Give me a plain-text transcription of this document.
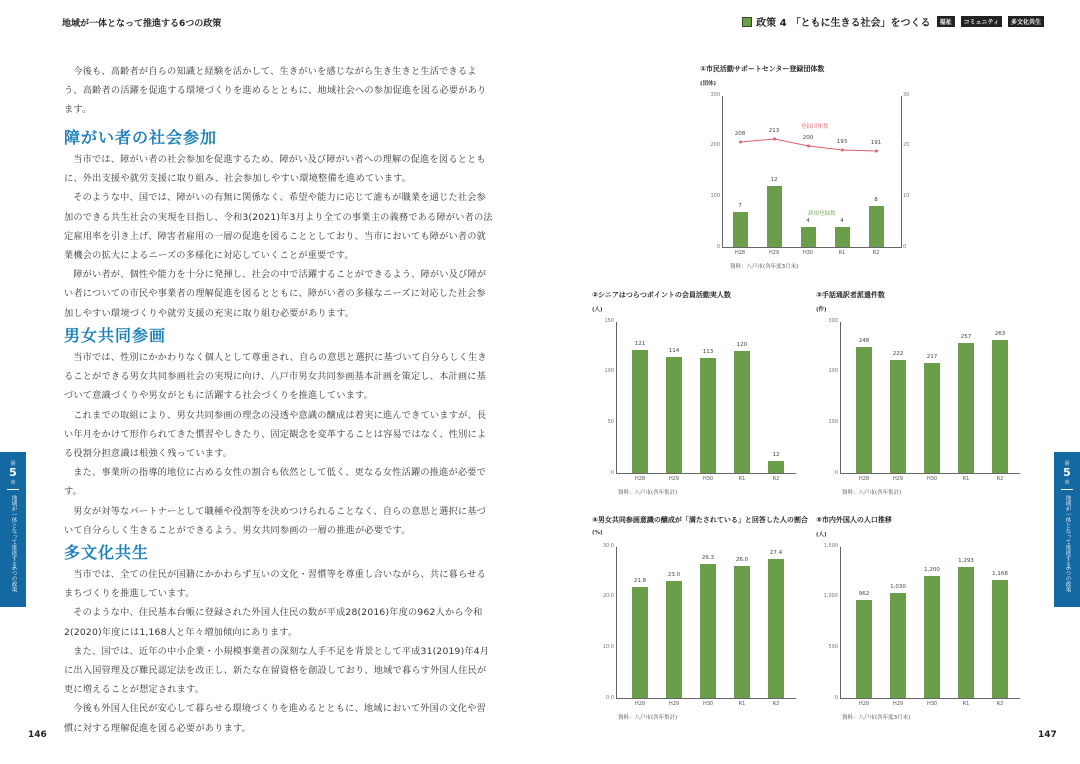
地域が一体となって推進する6つの政策

今後も、高齢者が自らの知識と経験を活かして、生きがいを感じながら生き生きと生活できるよう、高齢者の活躍を促進する環境づくりを進めるとともに、地域社会への参加促進を図る必要があります。

障がい者の社会参加

当市では、障がい者の社会参加を促進するため、障がい及び障がい者への理解の促進を図るとともに、外出支援や就労支援に取り組み、社会参加しやすい環境整備を進めています。

そのような中、国では、障がいの有無に関係なく、希望や能力に応じて誰もが職業を通じた社会参加のできる共生社会の実現を目指し、令和3(2021)年3月より全ての事業主の義務である障がい者の法定雇用率を引き上げ、障害者雇用の一層の促進を図ることとしており、当市においても障がい者の就業機会の拡大によるニーズの多様化に対応していくことが重要です。

障がい者が、個性や能力を十分に発揮し、社会の中で活躍することができるよう、障がい及び障がい者についての市民や事業者の理解促進を図るとともに、障がい者の多様なニーズに対応した社会参加しやすい環境づくりや就労支援の充実に取り組む必要があります。

男女共同参画

当市では、性別にかかわりなく個人として尊重され、自らの意思と選択に基づいて自分らしく生きることができる男女共同参画社会の実現に向け、八戸市男女共同参画基本計画を策定し、本計画に基づいて意識づくりや男女がともに活躍する社会づくりを推進しています。

これまでの取組により、男女共同参画の理念の浸透や意識の醸成は着実に進んできていますが、長い年月をかけて形作られてきた慣習やしきたり、固定観念を変革することは容易ではなく、性別による役割分担意識は根強く残っています。

また、事業所の指導的地位に占める女性の割合も依然として低く、更なる女性活躍の推進が必要です。

男女が対等なパートナーとして職種や役割等を決めつけられることなく、自らの意思と選択に基づいて自分らしく生きることができるよう、男女共同参画の一層の推進が必要です。

多文化共生

当市では、全ての住民が国籍にかかわらず互いの文化・習慣等を尊重し合いながら、共に暮らせるまちづくりを推進しています。

そのような中、住民基本台帳に登録された外国人住民の数が平成28(2016)年度の962人から令和2(2020)年度には1,168人と年々増加傾向にあります。

また、国では、近年の中小企業・小規模事業者の深刻な人手不足を背景として平成31(2019)年4月に出入国管理及び難民認定法を改正し、新たな在留資格を創設しており、地域で暮らす外国人住民が更に増えることが想定されます。

今後も外国人住民が安心して暮らせる環境づくりを進めるとともに、地域において外国の文化や習慣に対する理解促進を図る必要があります。

146
第
5
章
地域が一体となって推進する6つの政策
政策 4 「ともに生きる社会」をつくる	福祉	コミュニティ	多文化共生
①市民活動サポートセンター登録団体数
(団体)
0
100
200
300
0
10
20
30
7
12
4	4
8
208	213
200
193	191
登録団体数
新規登録数
H28	H29	H30	R1	R2
資料：八戸市(各年度3月末)
②シニアはつらつポイントの会員活動実人数
(人)
0
50
100
150
121
114	113
120
12
H28	H29	H30	R1	R2
資料：八戸市(各年集計)
③手話通訳者派遣件数
(件)
0
100
200
300
248
222	217
257	263
H28	H29	H30	R1	R2
資料：八戸市(各年集計)
④男女共同参画意識の醸成が「満たされている」と回答した人の割合
(%)
0.0
10.0
20.0
30.0
21.8
23.0
26.3	26.0
27.4
H28	H29	H30	R1	R2
資料：八戸市(各年集計)
⑤市内外国人の人口推移
(人)
0
500
1,000
1,500
962
1,030
1,200
1,293
1,168
H28	H29	H30	R1	R2
資料：八戸市(各年度3月末)
147
第
5
章
地域が一体となって推進する6つの政策
